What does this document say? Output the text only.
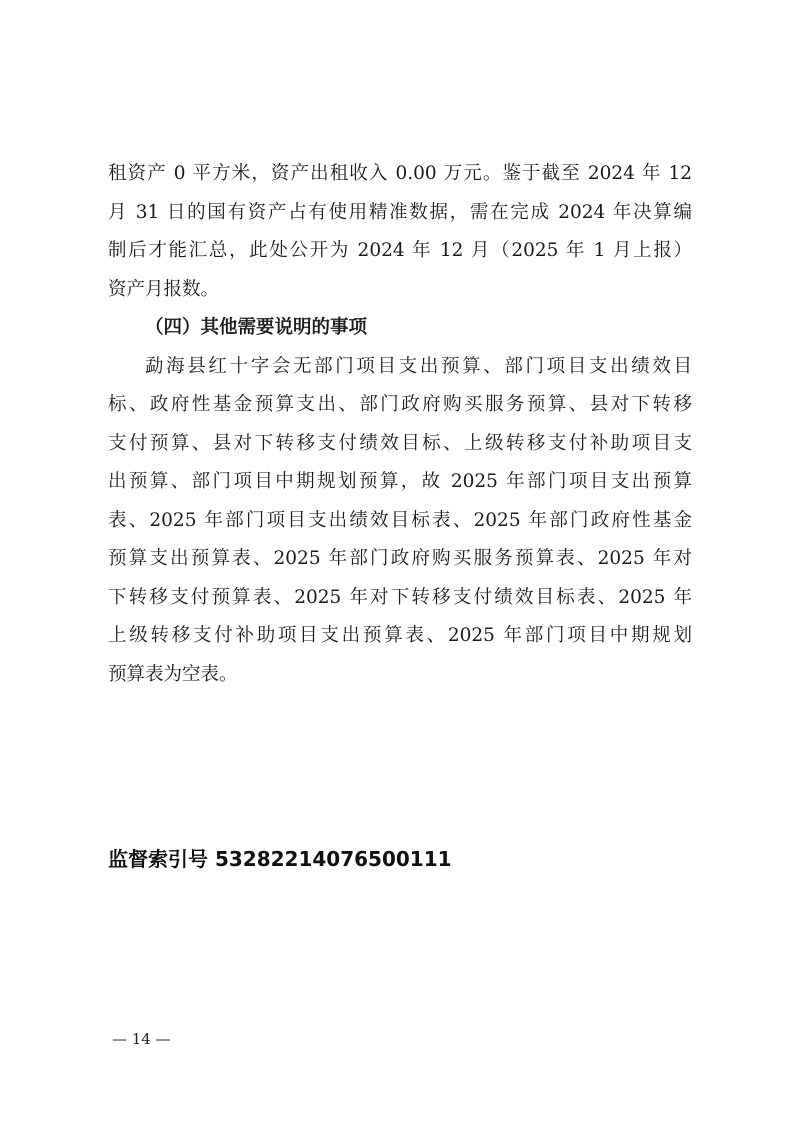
租资产 0 平方米，资产出租收入 0.00 万元。鉴于截至 2024 年 12
月 31 日的国有资产占有使用精准数据，需在完成 2024 年决算编
制后才能汇总，此处公开为 2024 年 12 月（2025 年 1 月上报）
资产月报数。
（四）其他需要说明的事项
勐海县红十字会无部门项目支出预算、部门项目支出绩效目
标、政府性基金预算支出、部门政府购买服务预算、县对下转移
支付预算、县对下转移支付绩效目标、上级转移支付补助项目支
出预算、部门项目中期规划预算，故 2025 年部门项目支出预算
表、2025 年部门项目支出绩效目标表、2025 年部门政府性基金
预算支出预算表、2025 年部门政府购买服务预算表、2025 年对
下转移支付预算表、2025 年对下转移支付绩效目标表、2025 年
上级转移支付补助项目支出预算表、2025 年部门项目中期规划
预算表为空表。
监督索引号 53282214076500111
— 14 —
